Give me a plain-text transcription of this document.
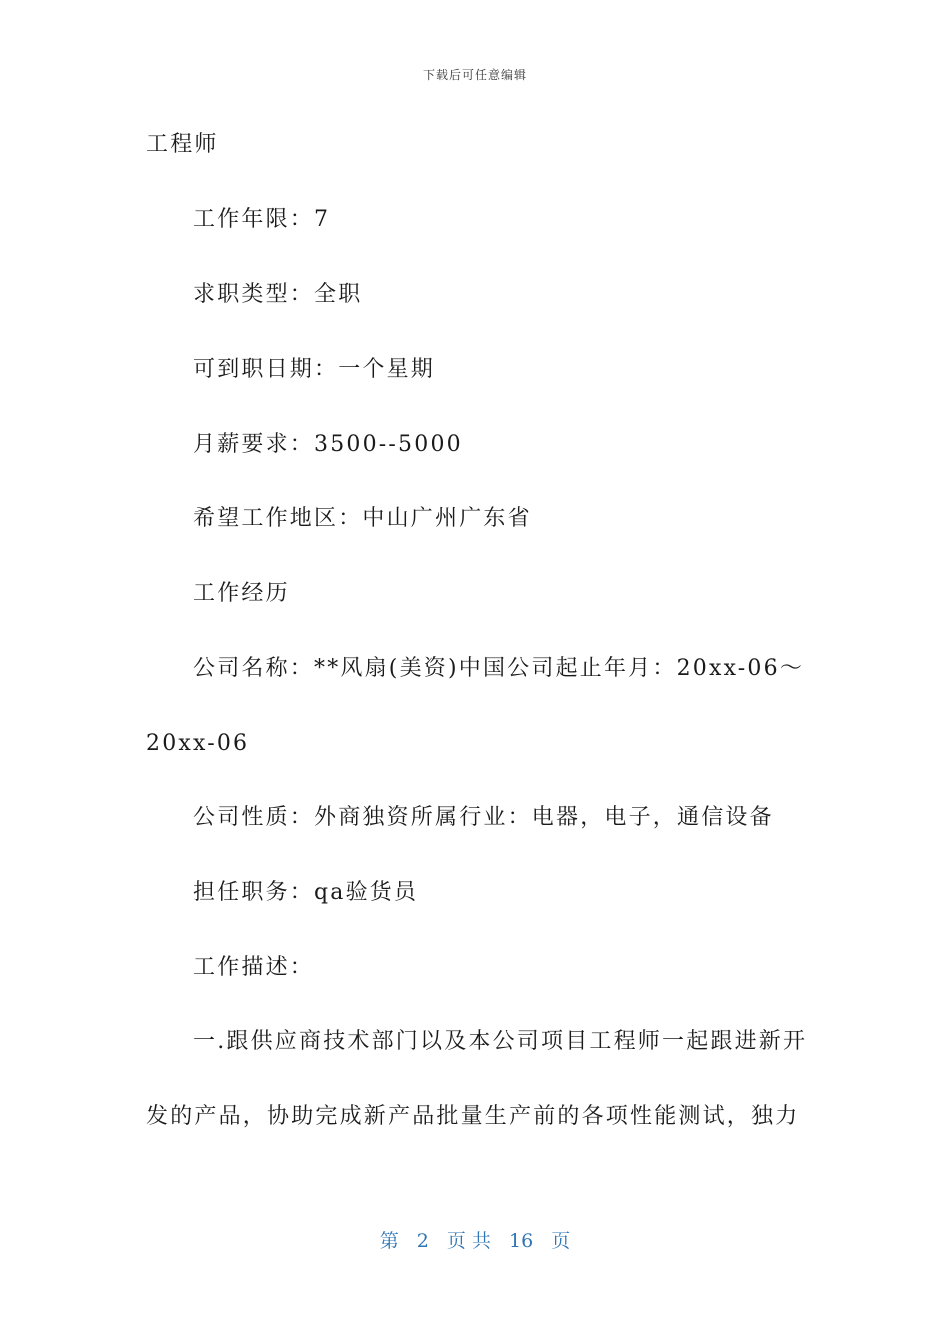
下载后可任意编辑
工程师
工作年限：7
求职类型：全职
可到职日期：一个星期
月薪要求：3500--5000
希望工作地区：中山广州广东省
工作经历
公司名称：**风扇(美资)中国公司起止年月：20xx-06～
20xx-06
公司性质：外商独资所属行业：电器，电子，通信设备
担任职务：qa验货员
工作描述：
一.跟供应商技术部门以及本公司项目工程师一起跟进新开
发的产品，协助完成新产品批量生产前的各项性能测试，独力
第 2 页 共 16 页
